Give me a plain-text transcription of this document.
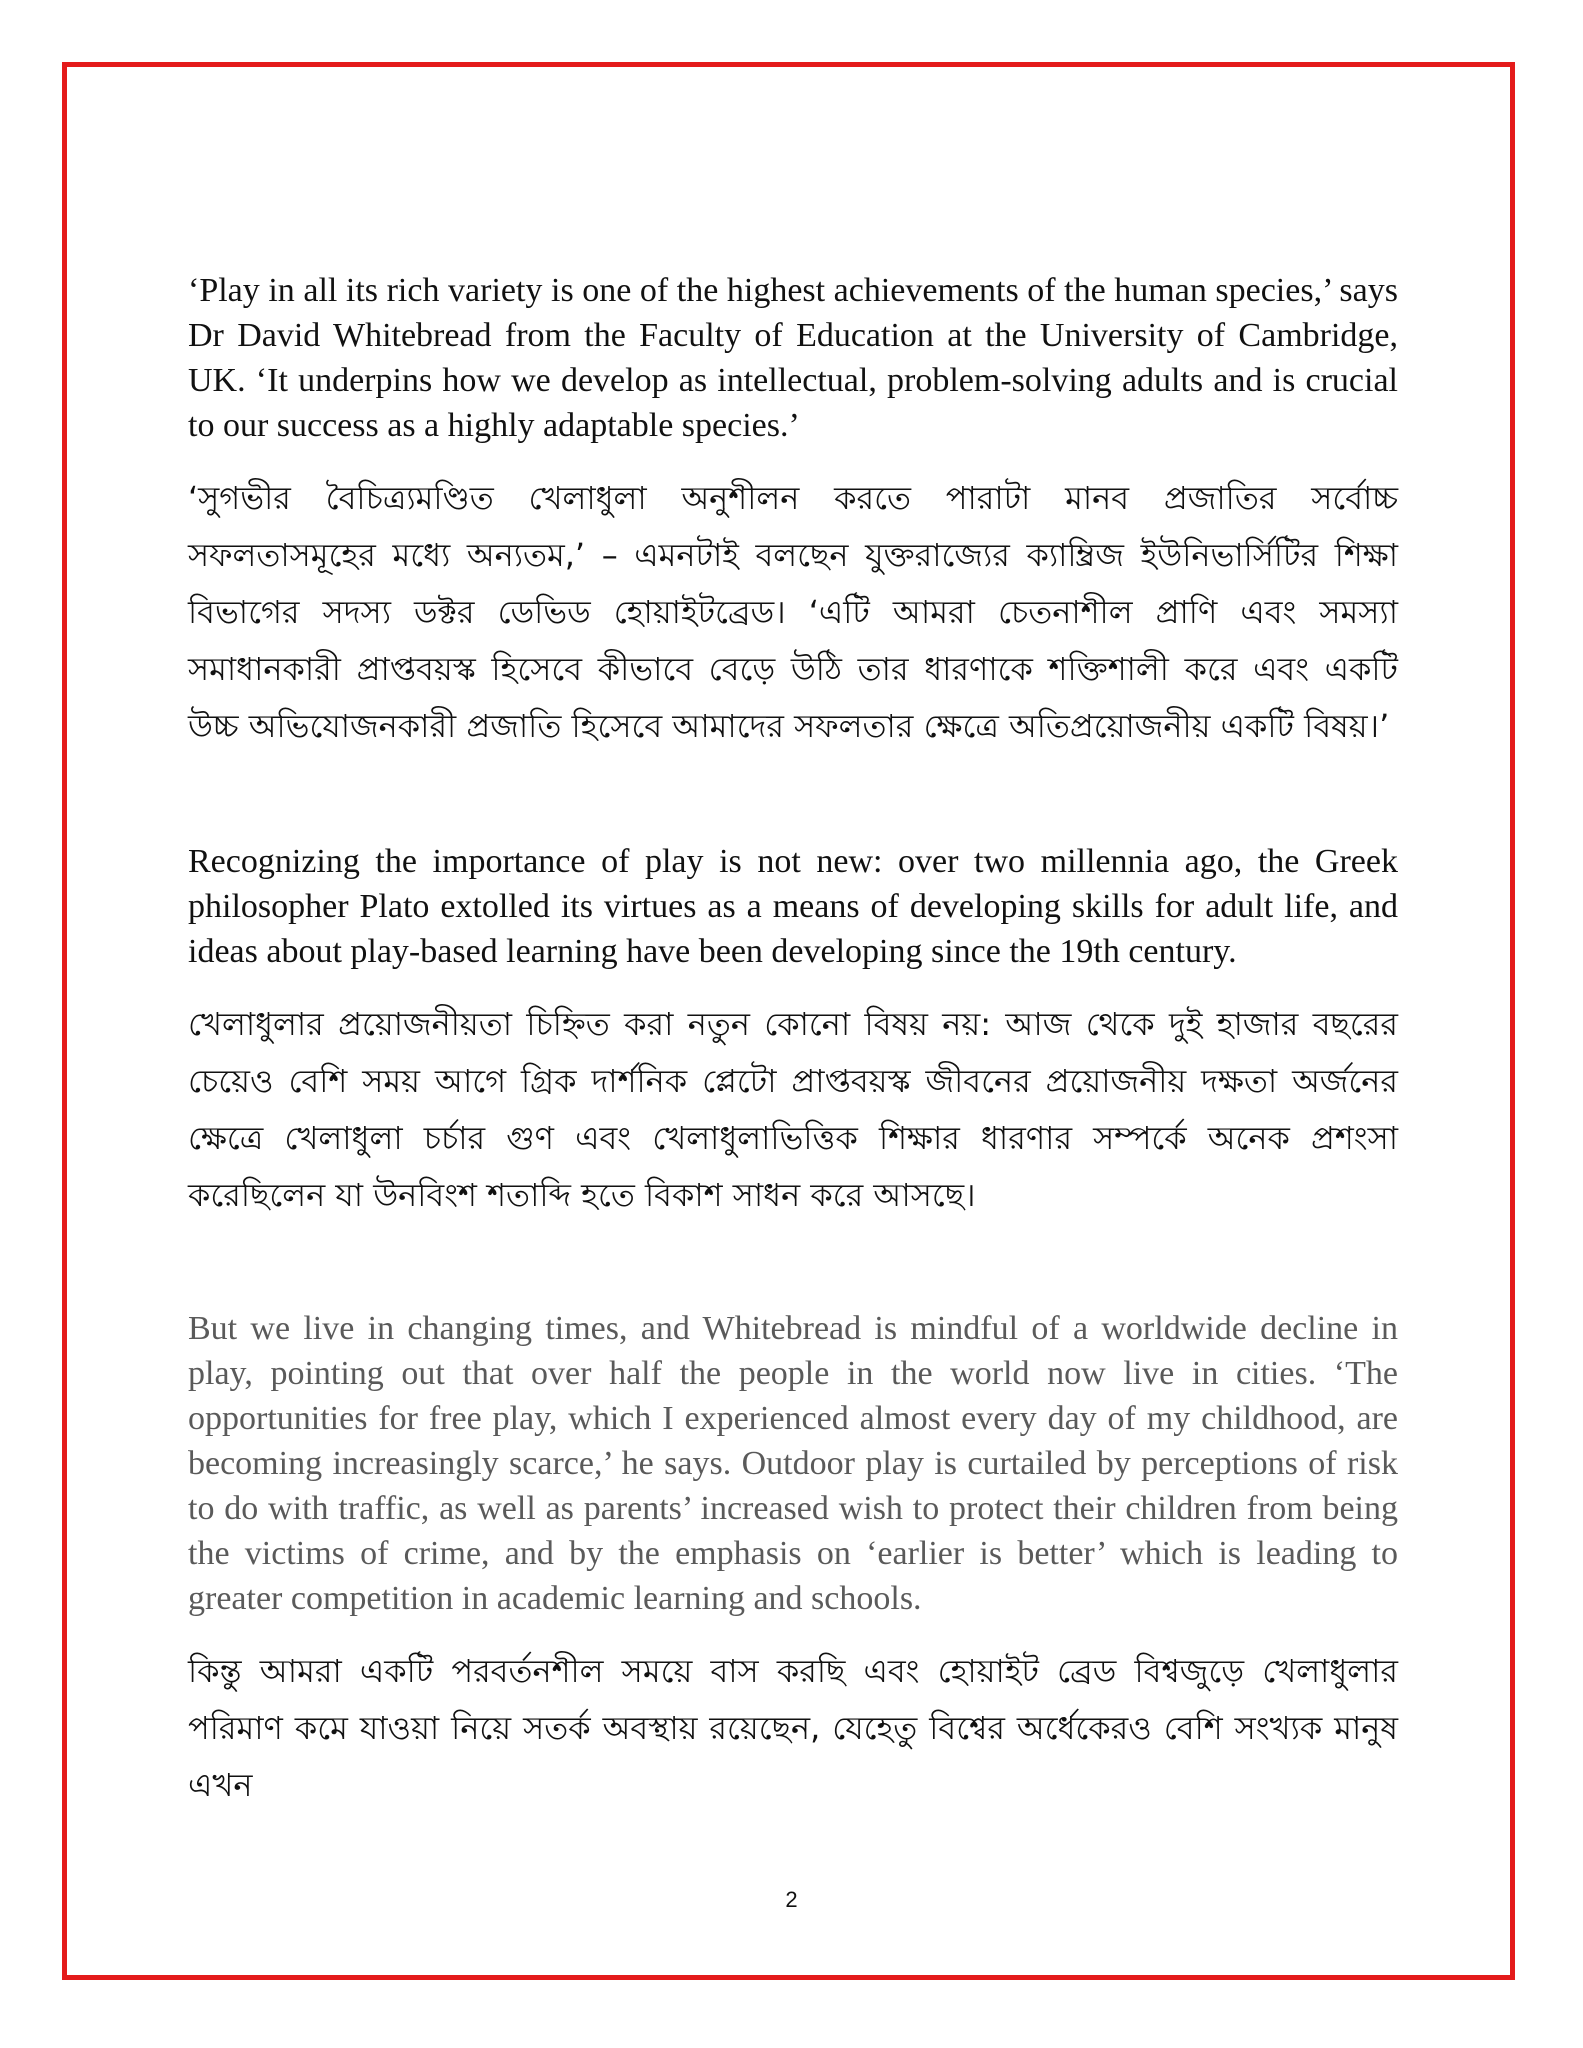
‘Play in all its rich variety is one of the highest achievements of the human species,’ says Dr David Whitebread from the Faculty of Education at the University of Cambridge, UK. ‘It underpins how we develop as intellectual, problem-solving adults and is crucial to our success as a highly adaptable species.’

‘সুগভীর বৈচিত্র্যমণ্ডিত খেলাধুলা অনুশীলন করতে পারাটা মানব প্রজাতির সর্বোচ্চ সফলতাসমূহের মধ্যে অন্যতম,’ – এমনটাই বলছেন যুক্তরাজ্যের ক্যাম্ব্রিজ ইউনিভার্সিটির শিক্ষা বিভাগের সদস্য ডক্টর ডেভিড হোয়াইটব্রেড। ‘এটি আমরা চেতনাশীল প্রাণি এবং সমস্যা সমাধানকারী প্রাপ্তবয়স্ক হিসেবে কীভাবে বেড়ে উঠি তার ধারণাকে শক্তিশালী করে এবং একটি উচ্চ অভিযোজনকারী প্রজাতি হিসেবে আমাদের সফলতার ক্ষেত্রে অতিপ্রয়োজনীয় একটি বিষয়।’

Recognizing the importance of play is not new: over two millennia ago, the Greek philosopher Plato extolled its virtues as a means of developing skills for adult life, and ideas about play-based learning have been developing since the 19th century.

খেলাধুলার প্রয়োজনীয়তা চিহ্নিত করা নতুন কোনো বিষয় নয়: আজ থেকে দুই হাজার বছরের চেয়েও বেশি সময় আগে গ্রিক দার্শনিক প্লেটো প্রাপ্তবয়স্ক জীবনের প্রয়োজনীয় দক্ষতা অর্জনের ক্ষেত্রে খেলাধুলা চর্চার গুণ এবং খেলাধুলাভিত্তিক শিক্ষার ধারণার সম্পর্কে অনেক প্রশংসা করেছিলেন যা উনবিংশ শতাব্দি হতে বিকাশ সাধন করে আসছে।

But we live in changing times, and Whitebread is mindful of a worldwide decline in play, pointing out that over half the people in the world now live in cities. ‘The opportunities for free play, which I experienced almost every day of my childhood, are becoming increasingly scarce,’ he says. Outdoor play is curtailed by perceptions of risk to do with traffic, as well as parents’ increased wish to protect their children from being the victims of crime, and by the emphasis on ‘earlier is better’ which is leading to greater competition in academic learning and schools.

কিন্তু আমরা একটি পরবর্তনশীল সময়ে বাস করছি এবং হোয়াইট ব্রেড বিশ্বজুড়ে খেলাধুলার পরিমাণ কমে যাওয়া নিয়ে সতর্ক অবস্থায় রয়েছেন, যেহেতু বিশ্বের অর্ধেকেরও বেশি সংখ্যক মানুষ এখন

2
